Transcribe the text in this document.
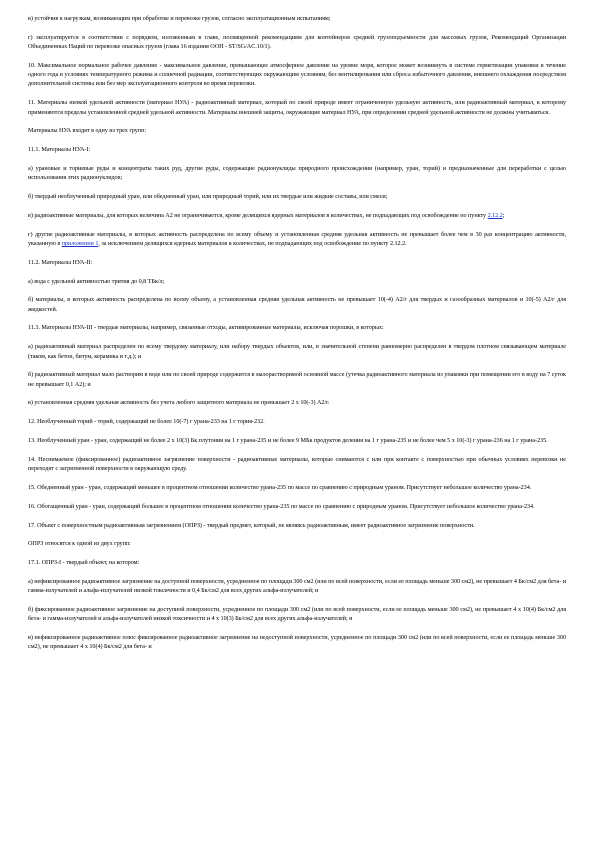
в) устойчив к нагрузкам, возникающим при обработке и перевозке грузов, согласно эксплуатационным испытаниям;

г) эксплуатируется в соответствии с порядком, изложенным в главе, посвященной рекомендациям для контейнеров средней грузоподъемности для массовых грузов, Рекомендаций Организации Объединенных Наций по перевозке опасных грузов (глава 16 издания ООН - ST/SG/AC.10/1).

10. Максимальное нормальное рабочее давление - максимальное давление, превышающее атмосферное давление на уровне моря, которое может возникнуть в системе герметизации упаковки в течение одного года в условиях температурного режима и солнечной радиации, соответствующих окружающим условиям, без вентилирования или сброса избыточного давления, внешнего охлаждения посредством дополнительной системы или без мер эксплуатационного контроля во время перевозки.

11. Материалы низкой удельной активности (материал НУА) - радиоактивный материал, который по своей природе имеет ограниченную удельную активность, или радиоактивный материал, к которому применяются пределы установленной средней удельной активности. Материалы внешней защиты, окружающие материал НУА, при определении средней удельной активности не должны учитываться.

Материалы НУА входят в одну из трех групп:

11.1. Материалы НУА-I:

а) урановые и ториевые руды и концентраты таких руд, другие руды, содержащие радионуклиды природного происхождения (например, уран, торий) и предназначенные для переработки с целью использования этих радионуклидов;

б) твердый необлученный природный уран, или обедненный уран, или природный торий, или их твердые или жидкие составы, или смеси;

в) радиоактивные материалы, для которых величина А2 не ограничивается, кроме делящихся ядерных материалов в количествах, не подпадающих под освобождение по пункту 2.12.2;

г) другие радиоактивные материалы, в которых активность распределена по всему объему и установленная средняя удельная активность не превышает более чем в 30 раз концентрацию активности, указанную в приложении 1, за исключением делящихся ядерных материалов в количествах, не подпадающих под освобождение по пункту 2.12.2.

11.2. Материалы НУА-II:

а) вода с удельной активностью трития до 0,8 ТБк/л;

б) материалы, в которых активность распределена по всему объему, а установленная средняя удельная активность не превышает 10(-4) А2/г для твердых и газообразных материалов и 10(-5) А2/г для жидкостей.

11.3. Материалы НУА-III - твердые материалы, например, связанные отходы, активированные материалы, исключая порошки, в которых:

а) радиоактивный материал распределен по всему твердому материалу, или набору твердых объектов, или, в значительной степени равномерно распределен в твердом плотном связывающем материале (таком, как бетон, битум, керамика и т.д.); и

б) радиоактивный материал мало растворим в воде или по своей природе содержится в малорастворимой основной массе (утечка радиоактивного материала из упаковки при помещении его в воду на 7 суток не превышает 0,1 А2); и

в) установленная средняя удельная активность без учета любого защитного материала не превышает 2 х 10(-3) А2/г.

12. Необлученный торий - торий, содержащий не более 10(-7) г урана-233 на 1 г тория-232.

13. Необлученный уран - уран, содержащий не более 2 х 10(3) Бк плутония на 1 г урана-235 и не более 9 МБк продуктов деления на 1 г урана-235 и не более чем 5 х 10(-3) г урана-236 на 1 г урана-235.

14. Неснимаемое (фиксированное) радиоактивное загрязнение поверхности - радиоактивные материалы, которые снимаются с или при контакте с поверхностью при обычных условиях перевозки не переходят с загрязненной поверхности в окружающую среду.

15. Обедненный уран - уран, содержащий меньшее в процентном отношении количество урана-235 по массе по сравнению с природным ураном. Присутствует небольшое количество урана-234.

16. Обогащенный уран - уран, содержащий большее в процентном отношении количество урана-235 по массе по сравнению с природным ураном. Присутствует небольшое количество урана-234.

17. Объект с поверхностным радиоактивным загрязнением (ОПРЗ) - твердый предмет, который, не являясь радиоактивным, имеет радиоактивное загрязнение поверхности.

ОПРЗ относятся к одной из двух групп:

17.1. ОПРЗ-I - твердый объект, на котором:

а) нефиксированное радиоактивное загрязнение на доступной поверхности, усредненное по площади 300 см2 (или по всей поверхности, если ее площадь меньше 300 см2), не превышает 4 Бк/см2 для бета- и гамма-излучателей и альфа-излучателей низкой токсичности и 0,4 Бк/см2 для всех других альфа-излучателей; и

б) фиксированное радиоактивное загрязнение на доступной поверхности, усредненное по площади 300 см2 (или по всей поверхности, если ее площадь меньше 300 см2), не превышает 4 х 10(4) Бк/см2 для бета- и гамма-излучателей и альфа-излучателей низкой токсичности и 4 х 10(3) Бк/см2 для всех других альфа-излучателей; и

в) нефиксированное радиоактивное плюс фиксированное радиоактивное загрязнение на недоступной поверхности, усредненное по площади 300 см2 (или по всей поверхности, если ее площадь меньше 300 см2), не превышает 4 х 10(4) Бк/см2 для бета- и
